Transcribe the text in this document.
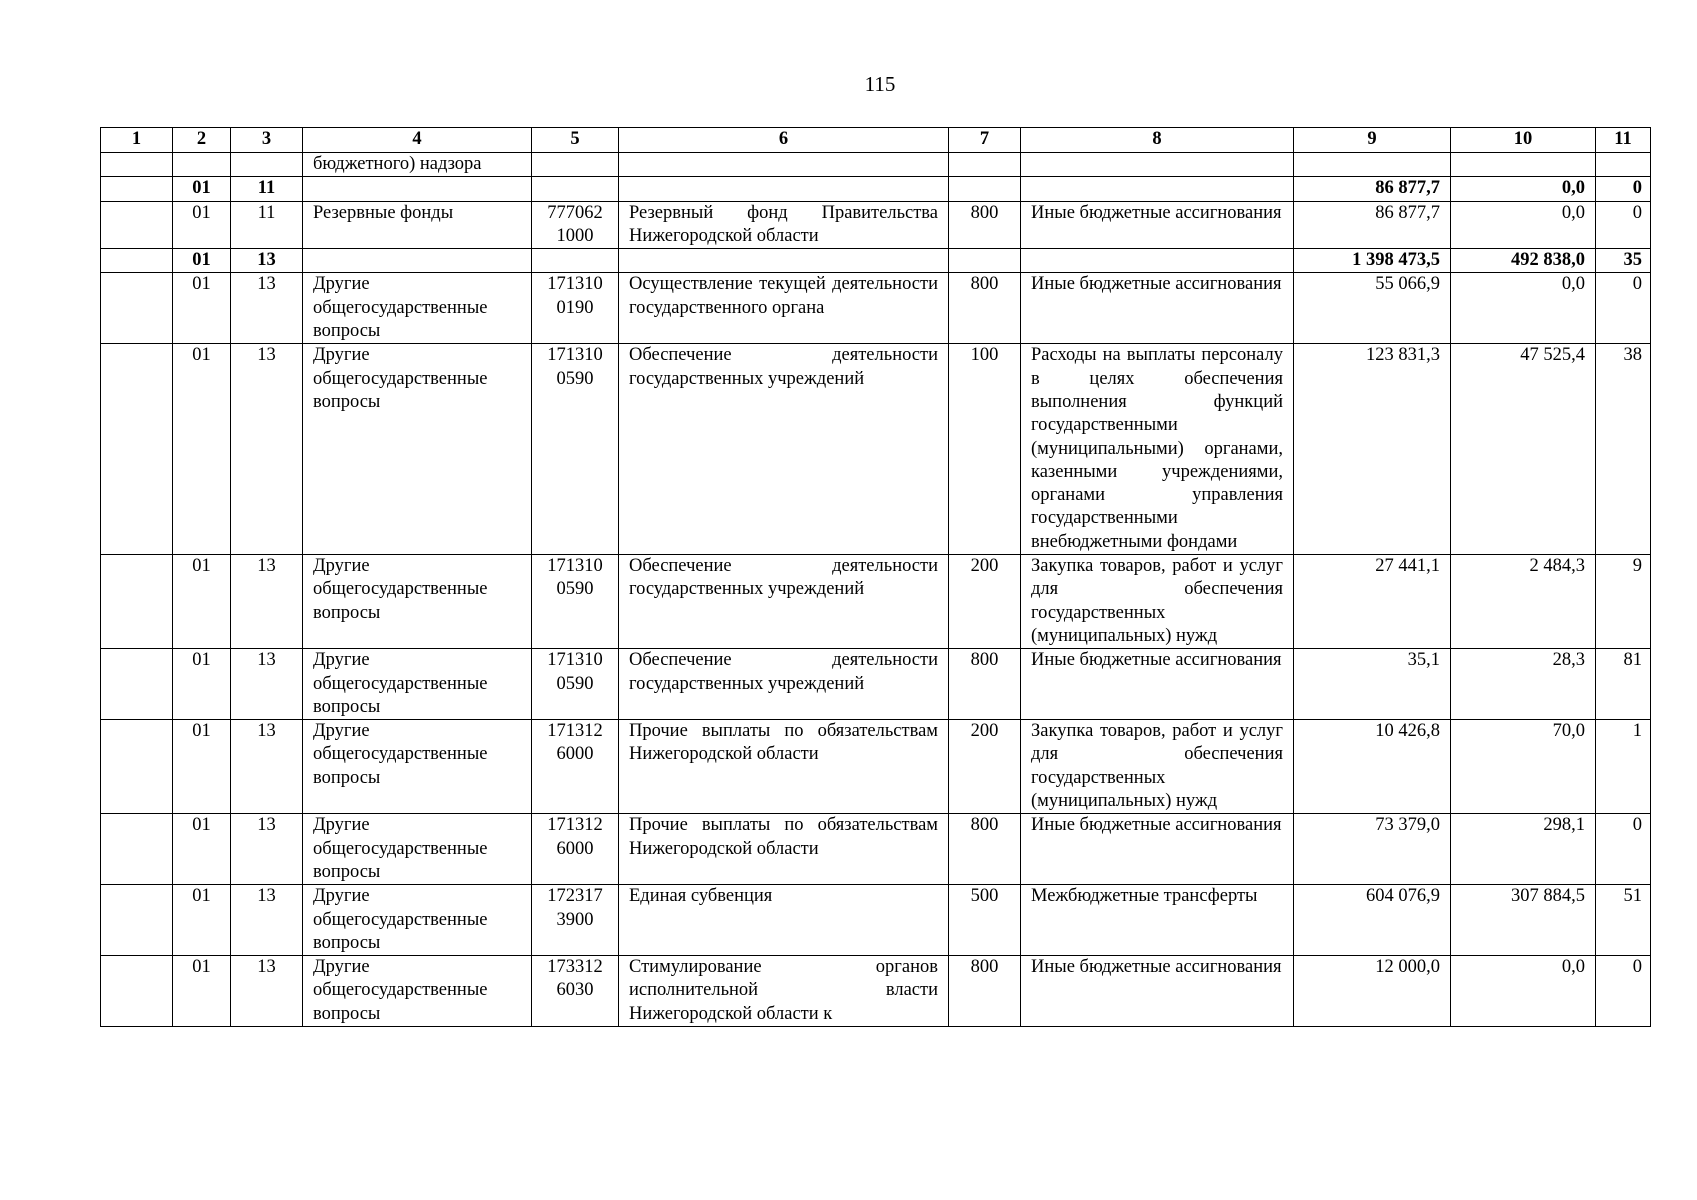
115
1	2	3	4	5	6	7	8	9	10	11
			бюджетного) надзора							
	01	11						86 877,7	0,0	0
	01	11	Резервные фонды	777062 1000	Резервный фонд Правительства Нижегородской области	800	Иные бюджетные ассигнования	86 877,7	0,0	0
	01	13						1 398 473,5	492 838,0	35
	01	13	Другие общегосударственные вопросы	171310 0190	Осуществление текущей деятельности государственного органа	800	Иные бюджетные ассигнования	55 066,9	0,0	0
	01	13	Другие общегосударственные вопросы	171310 0590	Обеспечение деятельности государственных учреждений	100	Расходы на выплаты персоналу в целях обеспечения выполнения функций государственными (муниципальными) органами, казенными учреждениями, органами управления государственными внебюджетными фондами	123 831,3	47 525,4	38
	01	13	Другие общегосударственные вопросы	171310 0590	Обеспечение деятельности государственных учреждений	200	Закупка товаров, работ и услуг для обеспечения государственных (муниципальных) нужд	27 441,1	2 484,3	9
	01	13	Другие общегосударственные вопросы	171310 0590	Обеспечение деятельности государственных учреждений	800	Иные бюджетные ассигнования	35,1	28,3	81
	01	13	Другие общегосударственные вопросы	171312 6000	Прочие выплаты по обязательствам Нижегородской области	200	Закупка товаров, работ и услуг для обеспечения государственных (муниципальных) нужд	10 426,8	70,0	1
	01	13	Другие общегосударственные вопросы	171312 6000	Прочие выплаты по обязательствам Нижегородской области	800	Иные бюджетные ассигнования	73 379,0	298,1	0
	01	13	Другие общегосударственные вопросы	172317 3900	Единая субвенция	500	Межбюджетные трансферты	604 076,9	307 884,5	51
	01	13	Другие общегосударственные вопросы	173312 6030	Стимулирование органов исполнительной власти Нижегородской области к	800	Иные бюджетные ассигнования	12 000,0	0,0	0
